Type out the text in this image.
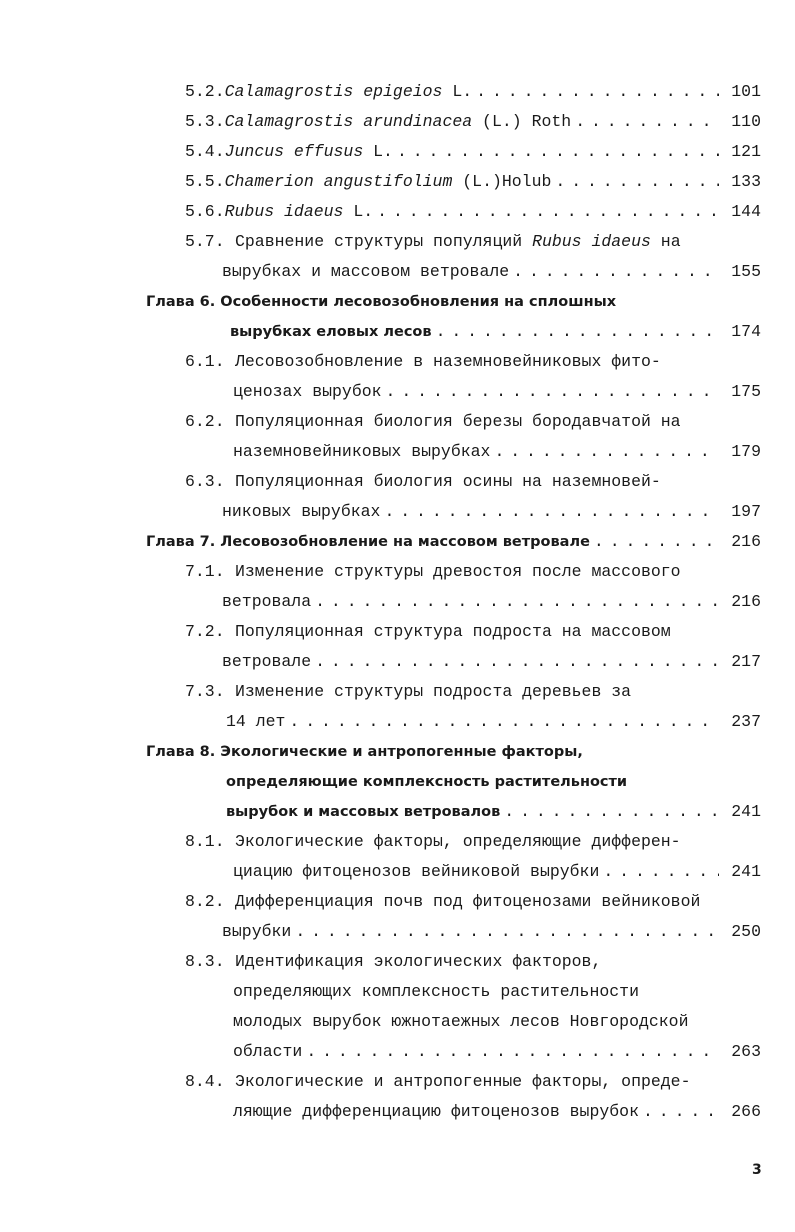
5.2. Calamagrostis epigeios L. . . .	101
5.3. Calamagrostis arundinacea (L.) Roth . . .	110
5.4. Juncus effusus L. . . .	121
5.5. Chamerion angustifolium (L.)Holub . . .	133
5.6. Rubus idaeus L. . . .	144
5.7. Сравнение структуры популяций Rubus idaeus на
вырубках и массовом ветровале . . .	155
Глава 6. Особенности лесовозобновления на сплошных
вырубках еловых лесов . . .	174
6.1. Лесовозобновление в наземновейниковых фито-
ценозах вырубок . . .	175
6.2. Популяционная биология березы бородавчатой на
наземновейниковых вырубках . . .	179
6.3. Популяционная биология осины на наземновей-
никовых вырубках . . .	197
Глава 7. Лесовозобновление на массовом ветровале . . .	216
7.1. Изменение структуры древостоя после массового
ветровала . . .	216
7.2. Популяционная структура подроста на массовом
ветровале . . .	217
7.3. Изменение структуры подроста деревьев за
14 лет . . .	237
Глава 8. Экологические и антропогенные факторы,
определяющие комплексность растительности
вырубок и массовых ветровалов . . .	241
8.1. Экологические факторы, определяющие дифферен-
циацию фитоценозов вейниковой вырубки . . .	241
8.2. Дифференциация почв под фитоценозами вейниковой
вырубки . . .	250
8.3. Идентификация экологических факторов,
определяющих комплексность растительности
молодых вырубок южнотаежных лесов Новгородской
области . . .	263
8.4. Экологические и антропогенные факторы, опреде-
ляющие дифференциацию фитоценозов вырубок . . .	266
3
